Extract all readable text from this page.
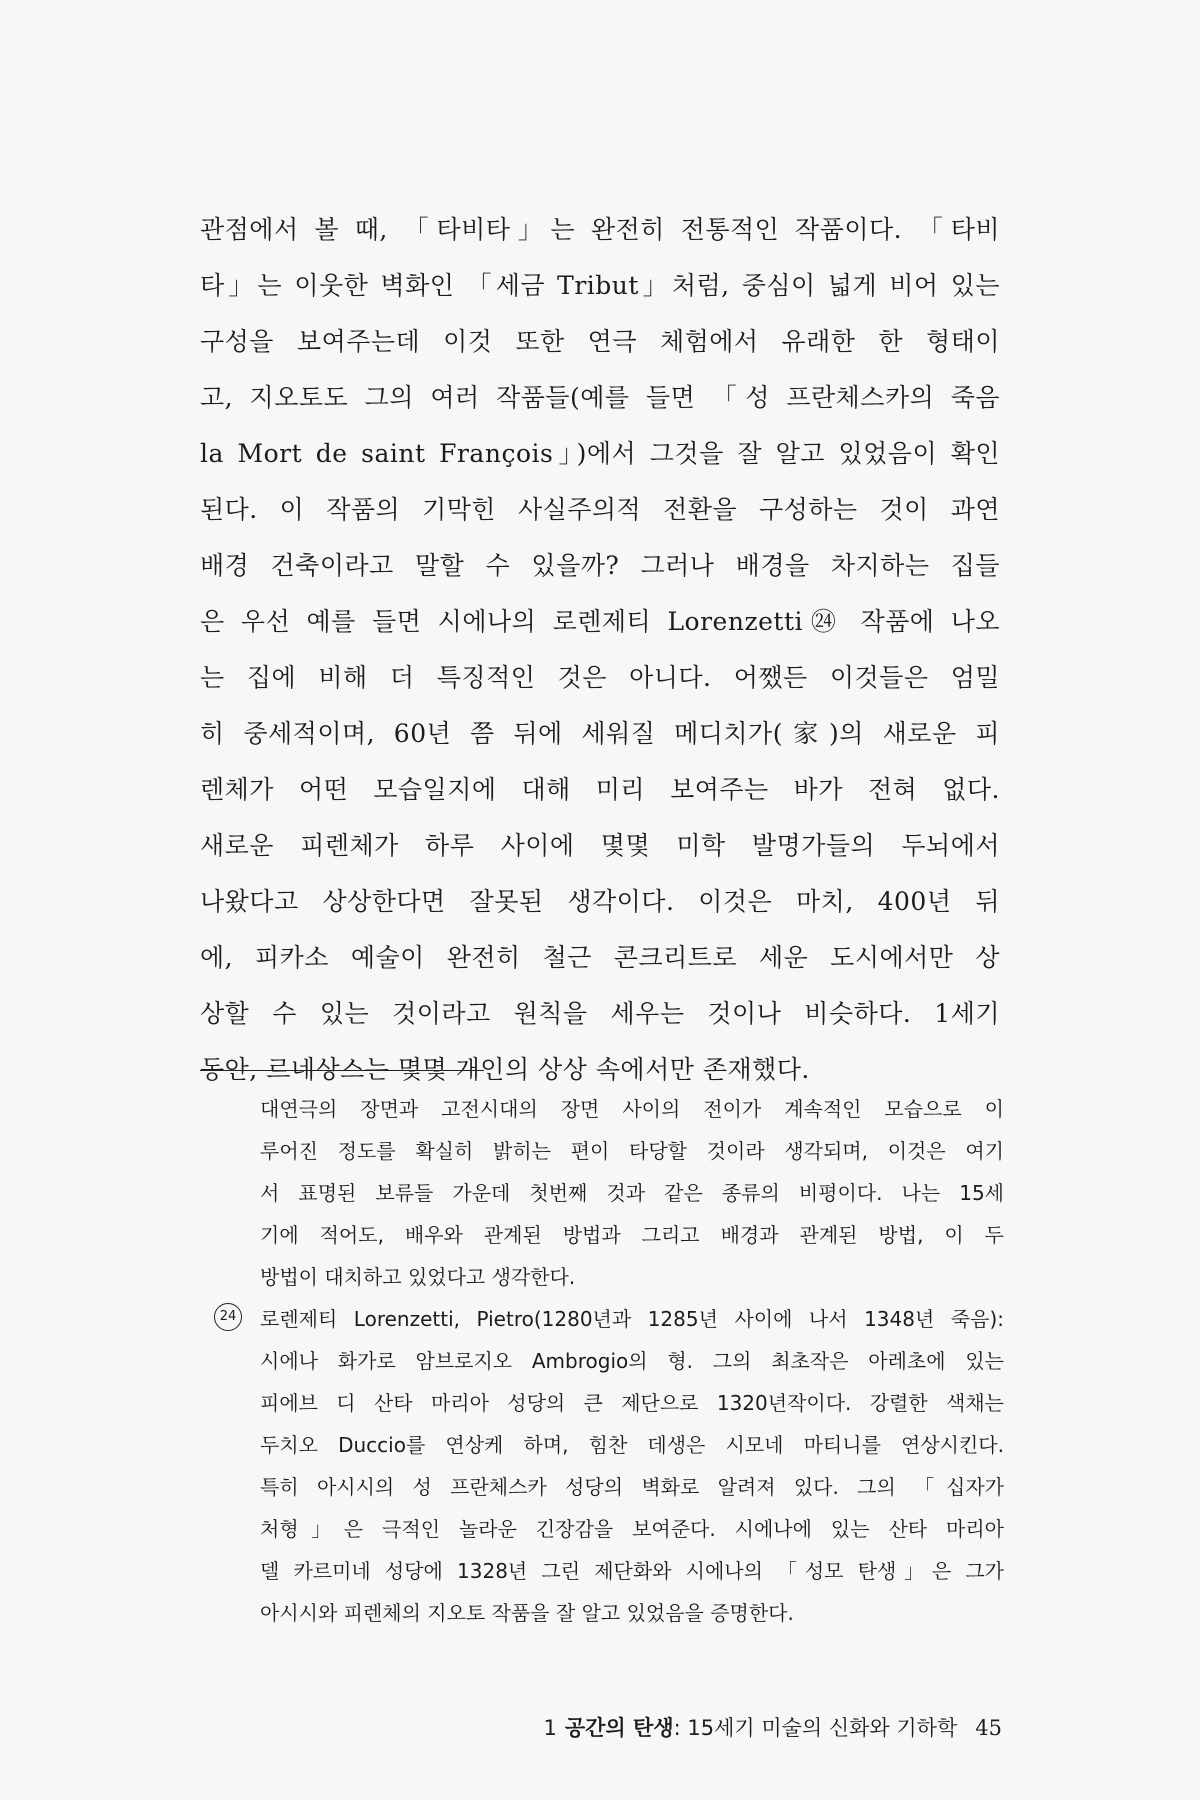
관점에서 볼 때, 「타비타」는 완전히 전통적인 작품이다. 「타비
타」는 이웃한 벽화인 「세금 Tribut」처럼, 중심이 넓게 비어 있는
구성을 보여주는데 이것 또한 연극 체험에서 유래한 한 형태이
고, 지오토도 그의 여러 작품들(예를 들면 「성 프란체스카의 죽음
la Mort de saint François」)에서 그것을 잘 알고 있었음이 확인
된다. 이 작품의 기막힌 사실주의적 전환을 구성하는 것이 과연
배경 건축이라고 말할 수 있을까? 그러나 배경을 차지하는 집들
은 우선 예를 들면 시에나의 로렌제티 Lorenzetti㉔ 작품에 나오
는 집에 비해 더 특징적인 것은 아니다. 어쨌든 이것들은 엄밀
히 중세적이며, 60년 쯤 뒤에 세워질 메디치가(家)의 새로운 피
렌체가 어떤 모습일지에 대해 미리 보여주는 바가 전혀 없다.
새로운 피렌체가 하루 사이에 몇몇 미학 발명가들의 두뇌에서
나왔다고 상상한다면 잘못된 생각이다. 이것은 마치, 400년 뒤
에, 피카소 예술이 완전히 철근 콘크리트로 세운 도시에서만 상
상할 수 있는 것이라고 원칙을 세우는 것이나 비슷하다. 1세기
동안, 르네상스는 몇몇 개인의 상상 속에서만 존재했다.
대연극의 장면과 고전시대의 장면 사이의 전이가 계속적인 모습으로 이
루어진 정도를 확실히 밝히는 편이 타당할 것이라 생각되며, 이것은 여기
서 표명된 보류들 가운데 첫번째 것과 같은 종류의 비평이다. 나는 15세
기에 적어도, 배우와 관계된 방법과 그리고 배경과 관계된 방법, 이 두
방법이 대치하고 있었다고 생각한다.
24 로렌제티 Lorenzetti, Pietro(1280년과 1285년 사이에 나서 1348년 죽음):
시에나 화가로 암브로지오 Ambrogio의 형. 그의 최초작은 아레초에 있는
피에브 디 산타 마리아 성당의 큰 제단으로 1320년작이다. 강렬한 색채는
두치오 Duccio를 연상케 하며, 힘찬 데생은 시모네 마티니를 연상시킨다.
특히 아시시의 성 프란체스카 성당의 벽화로 알려져 있다. 그의 「십자가
처형」은 극적인 놀라운 긴장감을 보여준다. 시에나에 있는 산타 마리아
델 카르미네 성당에 1328년 그린 제단화와 시에나의 「성모 탄생」은 그가
아시시와 피렌체의 지오토 작품을 잘 알고 있었음을 증명한다.
1 공간의 탄생: 15세기 미술의 신화와 기하학 45
